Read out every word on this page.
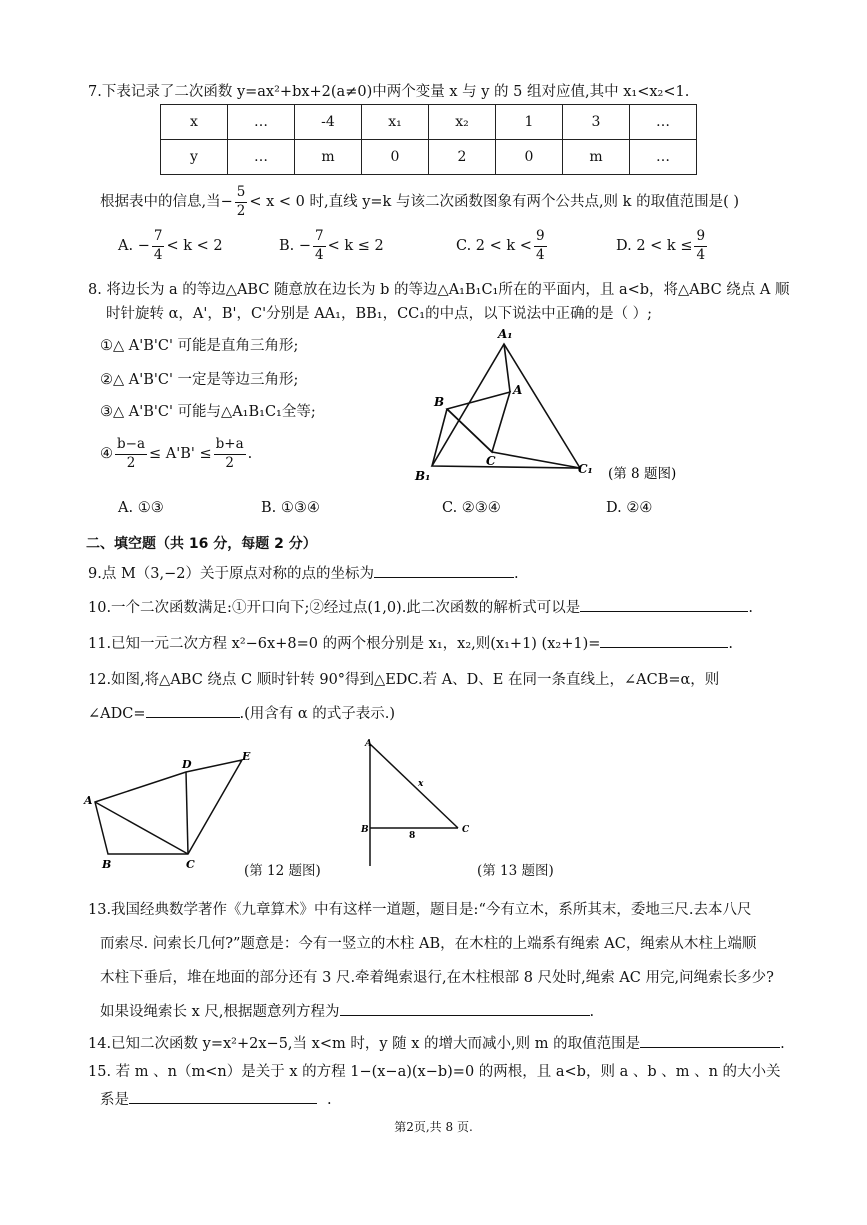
7.下表记录了二次函数 y=ax²+bx+2(a≠0)中两个变量 x 与 y 的 5 组对应值,其中 x₁<x₂<1.
x	…	-4	x₁	x₂	1	3	…
y	…	m	0	2	0	m	…
根据表中的信息,当− $\frac{5}{2} < x < 0$ 时,直线 y=k 与该二次函数图象有两个公共点,则 k 的取值范围是( )
A. − $\frac{7}{4} < k < 2$	B. − $\frac{7}{4} < k \le 2$	C. $2 < k < \frac{9}{4}$	D. $2 < k \le \frac{9}{4}$
8. 将边长为 a 的等边△ABC 随意放在边长为 b 的等边△A₁B₁C₁所在的平面内，且 a<b，将△ABC 绕点 A 顺
时针旋转 α，A'，B'，C'分别是 AA₁，BB₁，CC₁的中点，以下说法中正确的是（ ）;
①△ A'B'C' 可能是直角三角形;
②△ A'B'C' 一定是等边三角形;
③△ A'B'C' 可能与△A₁B₁C₁全等;
④ $\frac{b-a}{2} \le A'B' \le \frac{b+a}{2}$ .
A₁
A
B
C
B₁	C₁ (第 8 题图)
A. ①③	B. ①③④	C. ②③④	D. ②④
二、填空题（共 16 分，每题 2 分）
9.点 M（3,−2）关于原点对称的点的坐标为	.
10.一个二次函数满足:①开口向下;②经过点(1,0).此二次函数的解析式可以是	.
11.已知一元二次方程 x²−6x+8=0 的两个根分别是 x₁，x₂,则(x₁+1) (x₂+1)=	.
12.如图,将△ABC 绕点 C 顺时针转 90°得到△EDC.若 A、D、E 在同一条直线上，∠ACB=α，则
∠ADC=	.(用含有 α 的式子表示.)
A
B	C
D
E
(第 12 题图)
A
B	C
x
8
(第 13 题图)
13.我国经典数学著作《九章算术》中有这样一道题，题目是:“今有立木，系所其末，委地三尺.去本八尺
而索尽. 问索长几何?”题意是：今有一竖立的木柱 AB，在木柱的上端系有绳索 AC，绳索从木柱上端顺
木柱下垂后，堆在地面的部分还有 3 尺.牵着绳索退行,在木柱根部 8 尺处时,绳索 AC 用完,问绳索长多少?
如果设绳索长 x 尺,根据题意列方程为	.
14.已知二次函数 y=x²+2x−5,当 x<m 时，y 随 x 的增大而减小,则 m 的取值范围是	.
15. 若 m 、n（m<n）是关于 x 的方程 1−(x−a)(x−b)=0 的两根，且 a<b，则 a 、b 、m 、n 的大小关
系是	.
第2页,共 8 页.
